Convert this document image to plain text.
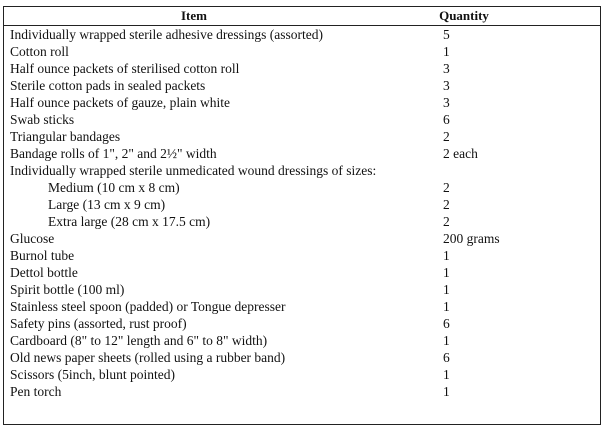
Item	Quantity
Individually wrapped sterile adhesive dressings (assorted)	5
Cotton roll	1
Half ounce packets of sterilised cotton roll	3
Sterile cotton pads in sealed packets	3
Half ounce packets of gauze, plain white	3
Swab sticks	6
Triangular bandages	2
Bandage rolls of 1", 2" and 2½" width	2 each
Individually wrapped sterile unmedicated wound dressings of sizes:
Medium (10 cm x 8 cm)	2
Large (13 cm x 9 cm)	2
Extra large (28 cm x 17.5 cm)	2
Glucose	200 grams
Burnol tube	1
Dettol bottle	1
Spirit bottle (100 ml)	1
Stainless steel spoon (padded) or Tongue depresser	1
Safety pins (assorted, rust proof)	6
Cardboard (8" to 12" length and 6" to 8" width)	1
Old news paper sheets (rolled using a rubber band)	6
Scissors (5inch, blunt pointed)	1
Pen torch	1
